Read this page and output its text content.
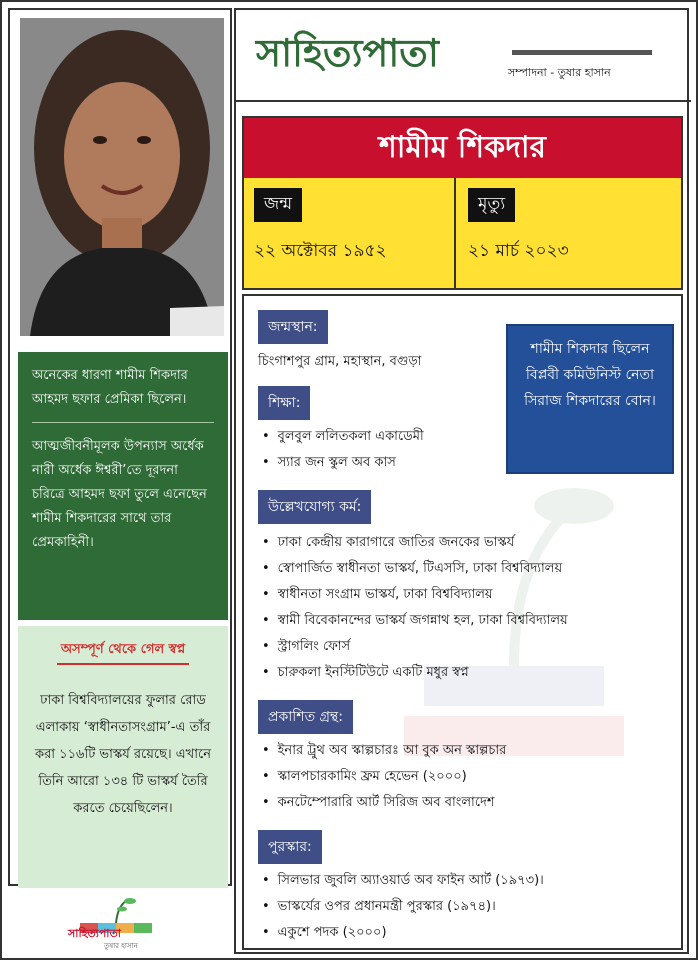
অনেকের ধারণা শামীম শিকদার আহমদ ছফার প্রেমিকা ছিলেন।

আত্মজীবনীমূলক উপন্যাস অর্ধেক নারী অর্ধেক ঈশ্বরী’তে দূরদনা চরিত্রে আহমদ ছফা তুলে এনেছেন শামীম শিকদারের সাথে তার প্রেমকাহিনী।

অসম্পূর্ণ থেকে গেল স্বপ্ন

ঢাকা বিশ্ববিদ্যালয়ের ফুলার রোড এলাকায় ‘স্বাধীনতাসংগ্রাম’-এ তাঁর করা ১১৬টি ভাস্কর্য রয়েছে। এখানে তিনি আরো ১৩৪ টি ভাস্কর্য তৈরি করতে চেয়েছিলেন।

সাহিত্যপাতা
তুষার হাসান
সাহিত্যপাতা	সম্পাদনা - তুষার হাসান
শামীম শিকদার
জন্ম
২২ অক্টোবর ১৯৫২
মৃত্যু
২১ মার্চ ২০২৩
জন্মস্থান:
চিংগাশপুর গ্রাম, মহাস্থান, বগুড়া
শিক্ষা:
• বুলবুল ললিতকলা একাডেমী
• স্যার জন স্কুল অব কাস
শামীম শিকদার ছিলেন বিপ্লবী কমিউনিস্ট নেতা সিরাজ শিকদারের বোন।
উল্লেখযোগ্য কর্ম:
• ঢাকা কেন্দ্রীয় কারাগারে জাতির জনকের ভাস্কর্য
• স্বোপার্জিত স্বাধীনতা ভাস্কর্য, টিএসসি, ঢাকা বিশ্ববিদ্যালয়
• স্বাধীনতা সংগ্রাম ভাস্কর্য, ঢাকা বিশ্ববিদ্যালয়
• স্বামী বিবেকানন্দের ভাস্কর্য জগন্নাথ হল, ঢাকা বিশ্ববিদ্যালয়
• স্ট্রাগলিং ফোর্স
• চারুকলা ইনস্টিটিউটে একটি মধুর স্বপ্ন
প্রকাশিত গ্রন্থ:
• ইনার ট্রুথ অব স্কাল্পচারঃ আ বুক অন স্কাল্পচার
• স্কালপচারকামিং ফ্রম হেভেন (২০০০)
• কনটেম্পোরারি আর্ট সিরিজ অব বাংলাদেশ
পুরস্কার:
• সিলভার জুবলি অ্যাওয়ার্ড অব ফাইন আর্ট (১৯৭৩)।
• ভাস্কর্যের ওপর প্রধানমন্ত্রী পুরস্কার (১৯৭৪)।
• একুশে পদক (২০০০)
